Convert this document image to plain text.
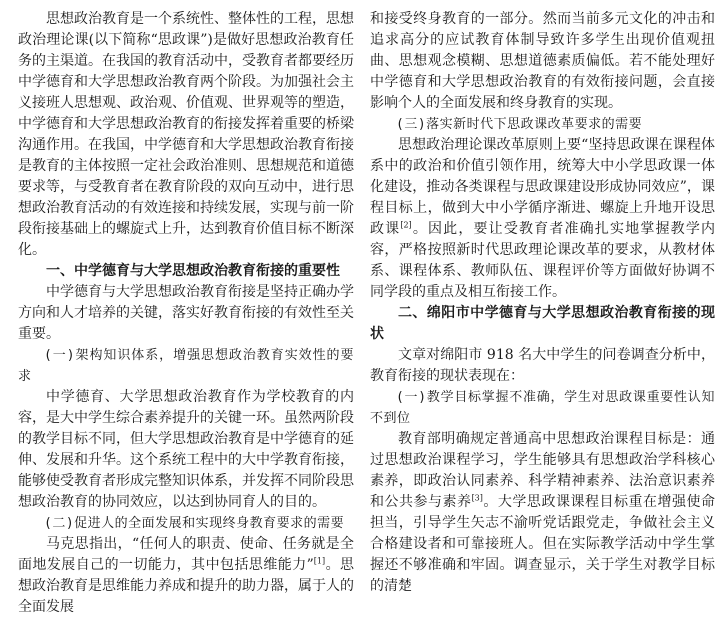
思想政治教育是一个系统性、整体性的工程，思想政治理论课(以下简称“思政课”)是做好思想政治教育任务的主渠道。在我国的教育活动中，受教育者都要经历中学德育和大学思想政治教育两个阶段。为加强社会主义接班人思想观、政治观、价值观、世界观等的塑造，中学德育和大学思想政治教育的衔接发挥着重要的桥梁沟通作用。在我国，中学德育和大学思想政治教育衔接是教育的主体按照一定社会政治准则、思想规范和道德要求等，与受教育者在教育阶段的双向互动中，进行思想政治教育活动的有效连接和持续发展，实现与前一阶段衔接基础上的螺旋式上升，达到教育价值目标不断深化。

一、中学德育与大学思想政治教育衔接的重要性

中学德育与大学思想政治教育衔接是坚持正确办学方向和人才培养的关键，落实好教育衔接的有效性至关重要。

(一)架构知识体系，增强思想政治教育实效性的要求

中学德育、大学思想政治教育作为学校教育的内容，是大中学生综合素养提升的关键一环。虽然两阶段的教学目标不同，但大学思想政治教育是中学德育的延伸、发展和升华。这个系统工程中的大中学教育衔接，能够使受教育者形成完整知识体系，并发挥不同阶段思想政治教育的协同效应，以达到协同育人的目的。

(二)促进人的全面发展和实现终身教育要求的需要

马克思指出，“任何人的职责、使命、任务就是全面地发展自己的一切能力，其中包括思维能力”[1]。思想政治教育是思维能力养成和提升的助力器，属于人的全面发展

和接受终身教育的一部分。然而当前多元文化的冲击和追求高分的应试教育体制导致许多学生出现价值观扭曲、思想观念模糊、思想道德素质偏低。若不能处理好中学德育和大学思想政治教育的有效衔接问题，会直接影响个人的全面发展和终身教育的实现。

(三)落实新时代下思政课改革要求的需要

思想政治理论课改革原则上要“坚持思政课在课程体系中的政治和价值引领作用，统筹大中小学思政课一体化建设，推动各类课程与思政课建设形成协同效应”，课程目标上，做到大中小学循序渐进、螺旋上升地开设思政课[2]。因此，要让受教育者准确扎实地掌握教学内容，严格按照新时代思政理论课改革的要求，从教材体系、课程体系、教师队伍、课程评价等方面做好协调不同学段的重点及相互衔接工作。

二、绵阳市中学德育与大学思想政治教育衔接的现状

文章对绵阳市 918 名大中学生的问卷调查分析中，教育衔接的现状表现在：

(一)教学目标掌握不准确，学生对思政课重要性认知不到位

教育部明确规定普通高中思想政治课程目标是：通过思想政治课程学习，学生能够具有思想政治学科核心素养，即政治认同素养、科学精神素养、法治意识素养和公共参与素养[3]。大学思政课课程目标重在增强使命担当，引导学生矢志不渝听党话跟党走，争做社会主义合格建设者和可靠接班人。但在实际教学活动中学生掌握还不够准确和牢固。调查显示，关于学生对教学目标的清楚
